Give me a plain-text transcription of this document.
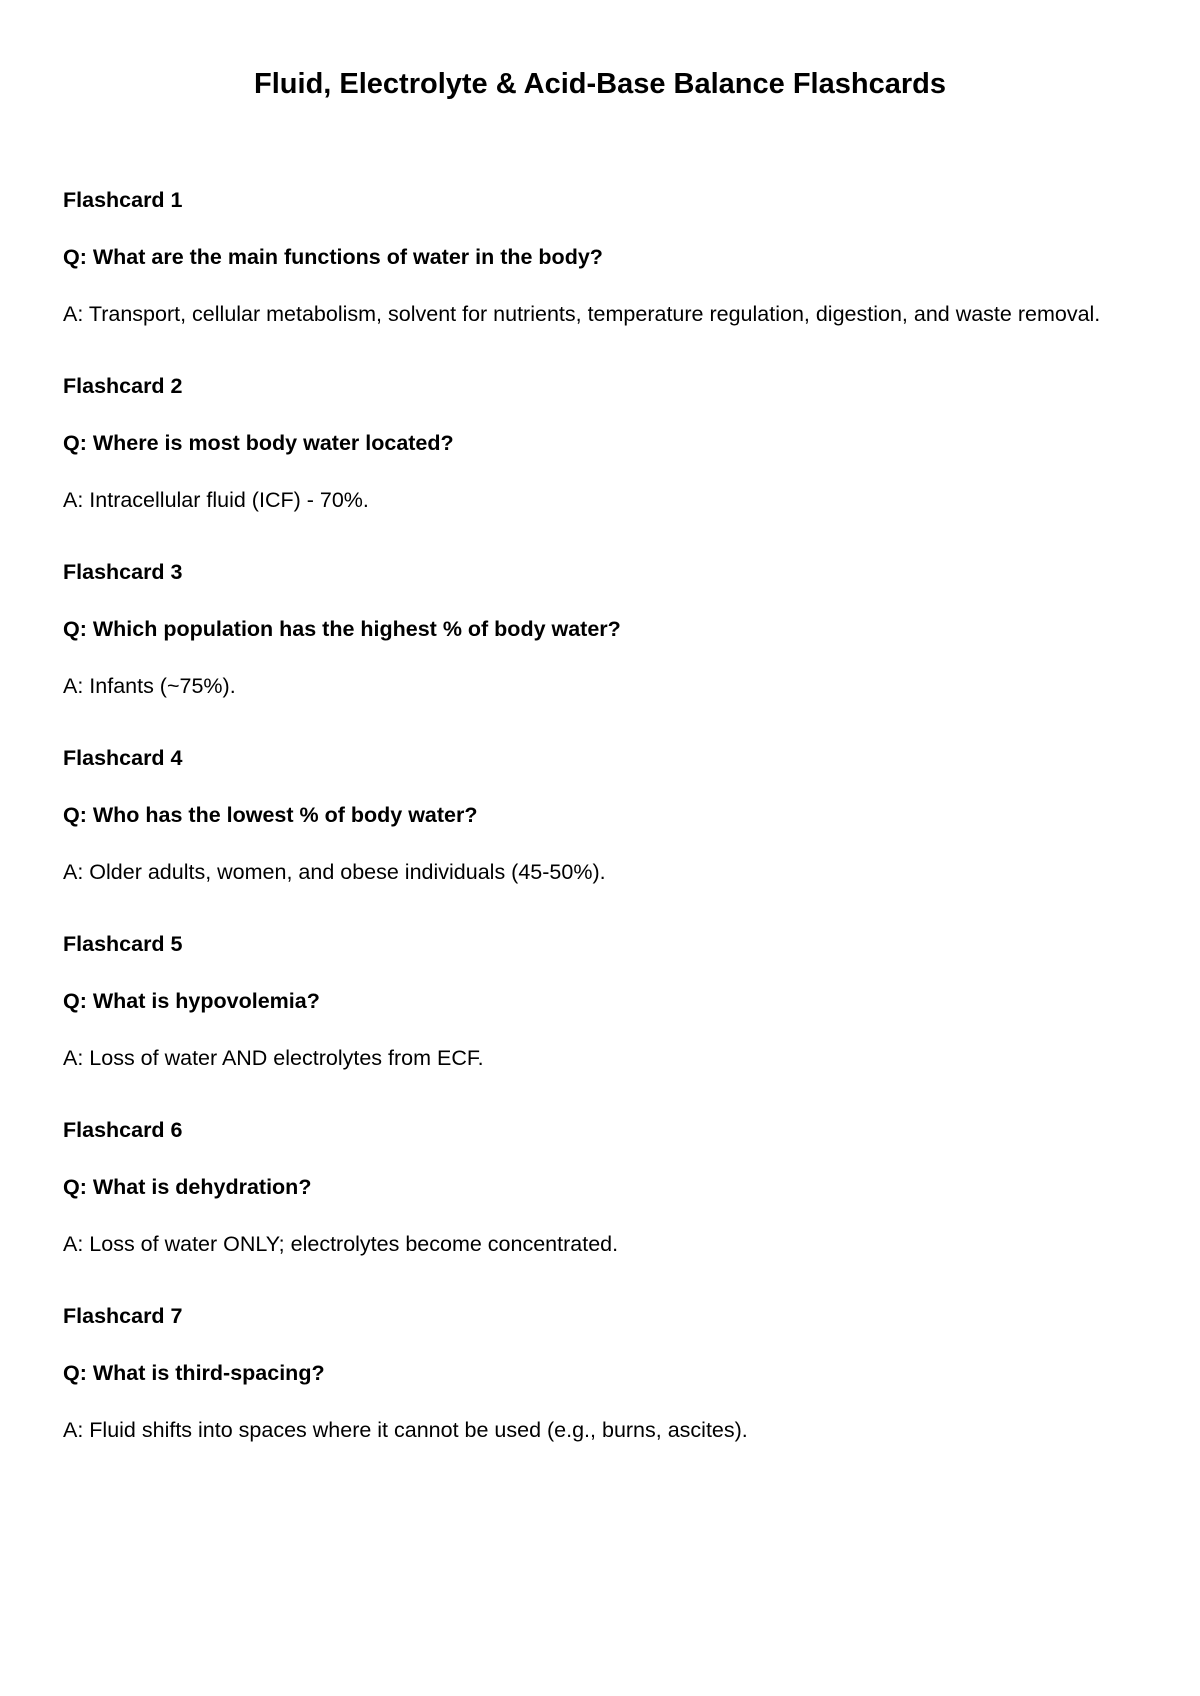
Fluid, Electrolyte & Acid-Base Balance Flashcards
Flashcard 1
Q: What are the main functions of water in the body?
A: Transport, cellular metabolism, solvent for nutrients, temperature regulation, digestion, and waste removal.
Flashcard 2
Q: Where is most body water located?
A: Intracellular fluid (ICF) - 70%.
Flashcard 3
Q: Which population has the highest % of body water?
A: Infants (~75%).
Flashcard 4
Q: Who has the lowest % of body water?
A: Older adults, women, and obese individuals (45-50%).
Flashcard 5
Q: What is hypovolemia?
A: Loss of water AND electrolytes from ECF.
Flashcard 6
Q: What is dehydration?
A: Loss of water ONLY; electrolytes become concentrated.
Flashcard 7
Q: What is third-spacing?
A: Fluid shifts into spaces where it cannot be used (e.g., burns, ascites).
